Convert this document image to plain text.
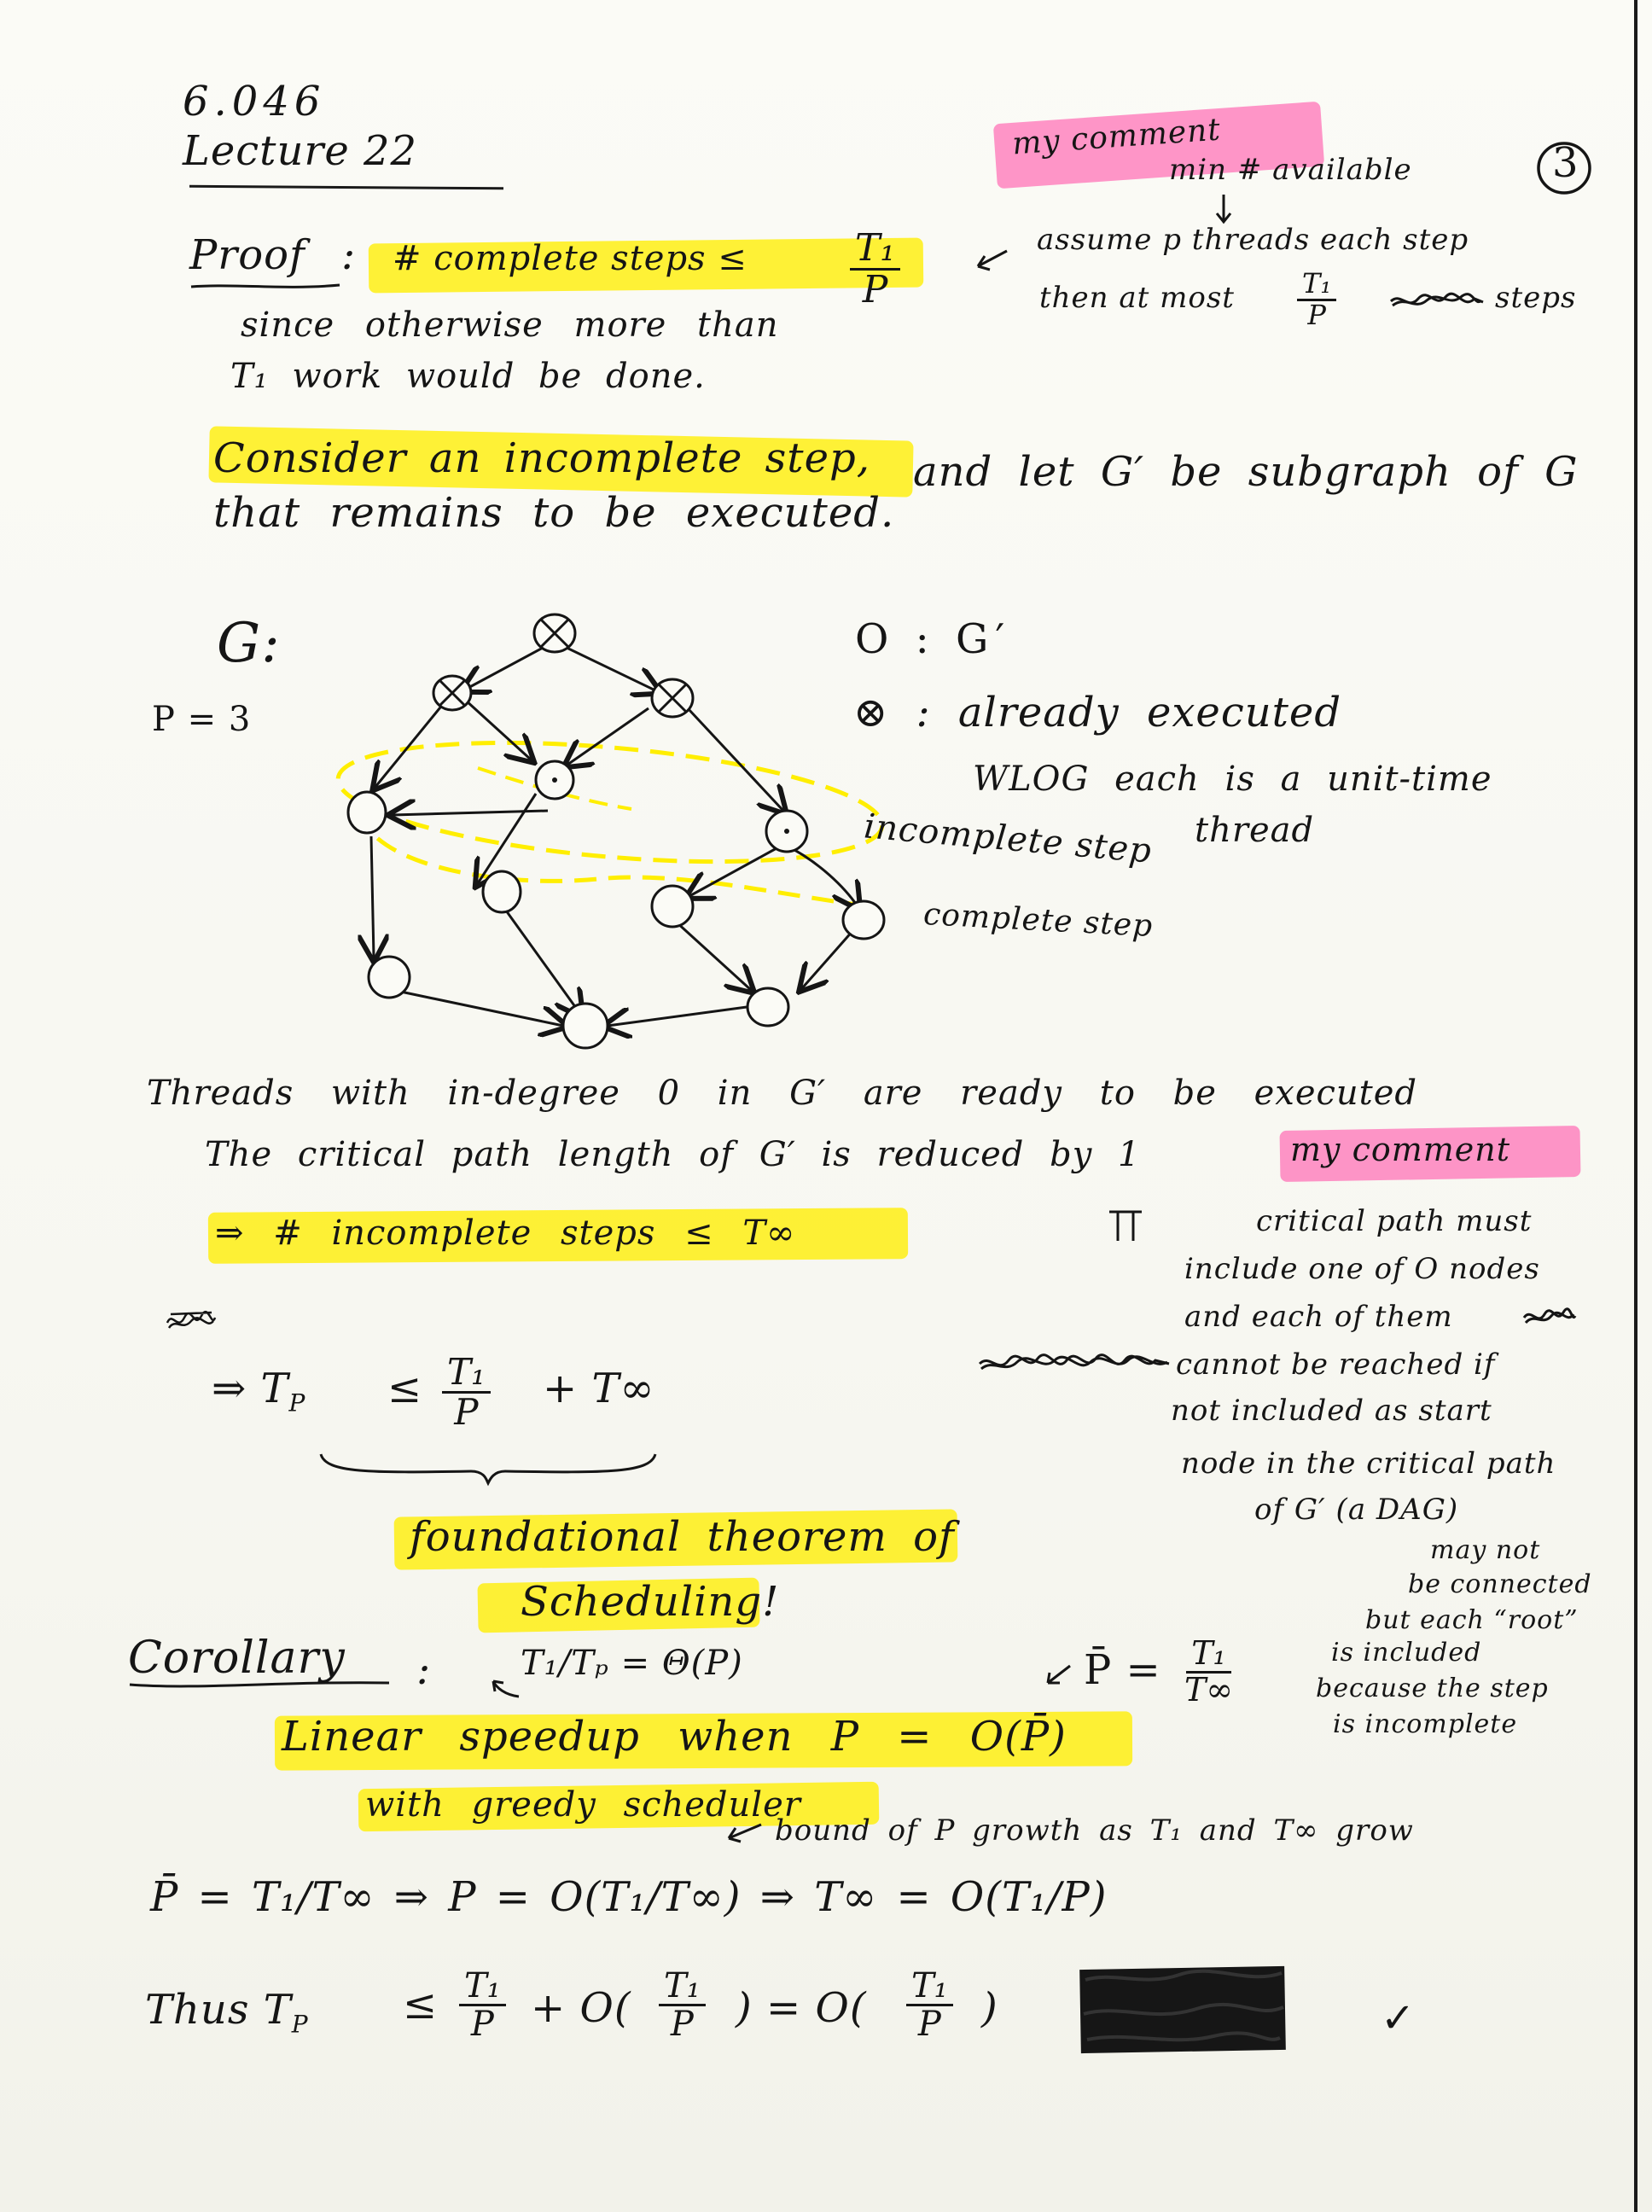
6.046
Lecture 22	3
my comment
min # available
assume p threads each step
then at most $\frac{\text{T₁}}{P}$	steps
Proof : # complete steps ≤	$\frac{\text{T₁}}{P}$
since otherwise more than
T₁ work would be done.
Consider an incomplete step, and let G′ be subgraph of G
that remains to be executed.
G:
P = 3
O : G′
⊗ : already executed
WLOG each is a unit-time
thread
incomplete step
complete step
Threads with in-degree 0 in G′ are ready to be executed
The critical path length of G′ is reduced by 1
⇒ # incomplete steps ≤ T∞
my comment
critical path must
include one of O nodes
and each of them
cannot be reached if
not included as start
node in the critical path
of G′ (a DAG)
may not
be connected
but each “root”
is included
because the step
is incomplete
⇒ $T_P \le \frac{\text{T₁}}{P} + T\infty$
foundational theorem of
Scheduling!
Corollary :	T₁/Tₚ = Θ(P)	P̄ = $\frac{\text{T₁}}{T\infty}$
Linear speedup when P = O(P̄)
with greedy scheduler
bound of P growth as T₁ and T∞ grow
P̄ = T₁/T∞ ⇒ P = O(T₁/T∞) ⇒ T∞ = O(T₁/P)
Thus $T_P \le \frac{\text{T₁}}{P} + O( \frac{\text{T₁}}{P}$ ) = $O( \frac{\text{T₁}}{P}$ )	✓
